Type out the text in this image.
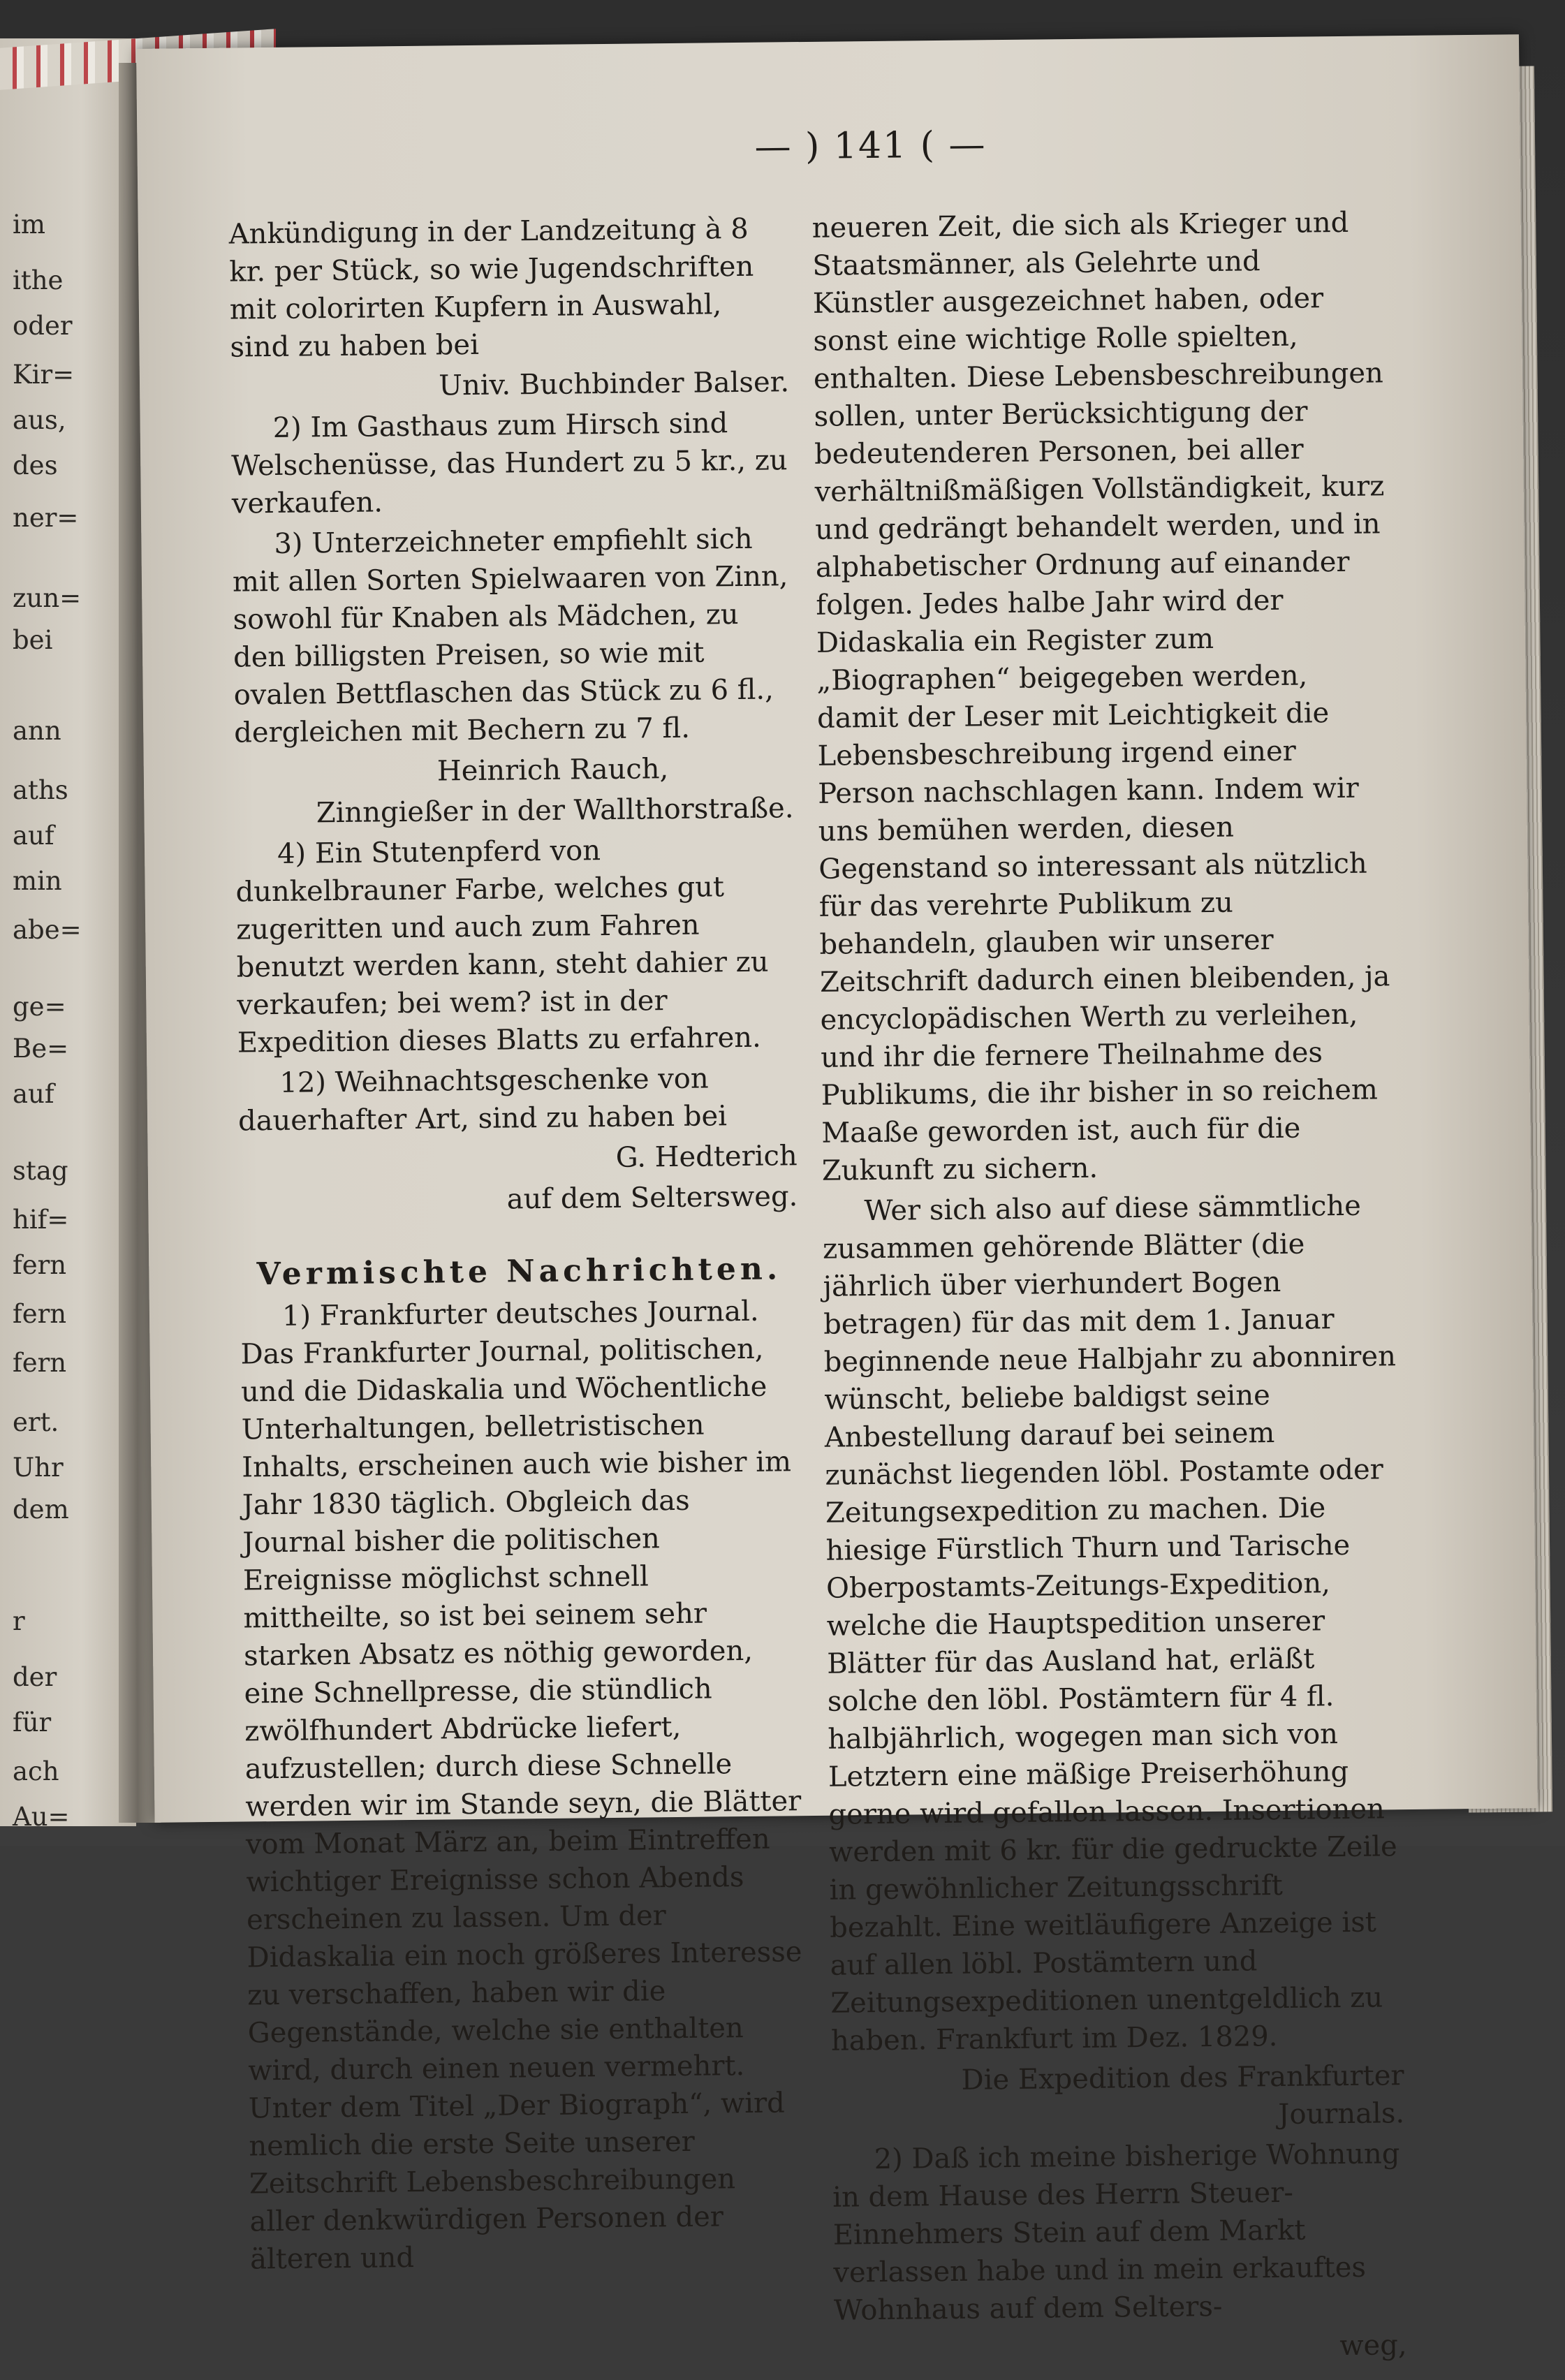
im
ithe
oder
Kir=
aus,
des
ner=
zun=
bei
ann
aths
auf
min
abe=
ge=
Be=
auf
stag
hif=
fern
fern
fern
ert.
Uhr
dem
r
der
für
ach
Au=
— ) 141 ( —

Ankündigung in der Landzeitung à 8 kr. per Stück, so wie Jugendschriften mit colorirten Kupfern in Auswahl, sind zu haben bei

Univ. Buchbinder Balser.

2) Im Gasthaus zum Hirsch sind Welschenüsse, das Hundert zu 5 kr., zu verkaufen.

3) Unterzeichneter empfiehlt sich mit allen Sorten Spielwaaren von Zinn, sowohl für Knaben als Mädchen, zu den billigsten Preisen, so wie mit ovalen Bettflaschen das Stück zu 6 fl., dergleichen mit Bechern zu 7 fl.

Heinrich Rauch,

Zinngießer in der Wallthorstraße.

4) Ein Stutenpferd von dunkelbrauner Farbe, welches gut zugeritten und auch zum Fahren benutzt werden kann, steht dahier zu verkaufen; bei wem? ist in der Expedition dieses Blatts zu erfahren.

12) Weihnachtsgeschenke von dauerhafter Art, sind zu haben bei

G. Hedterich

auf dem Seltersweg.

Vermischte Nachrichten.

1) Frankfurter deutsches Journal. Das Frankfurter Journal, politischen, und die Didaskalia und Wöchentliche Unterhaltungen, belletristischen Inhalts, erscheinen auch wie bisher im Jahr 1830 täglich. Obgleich das Journal bisher die politischen Ereignisse möglichst schnell mittheilte, so ist bei seinem sehr starken Absatz es nöthig geworden, eine Schnellpresse, die stündlich zwölfhundert Abdrücke liefert, aufzustellen; durch diese Schnelle werden wir im Stande seyn, die Blätter vom Monat März an, beim Eintreffen wichtiger Ereignisse schon Abends erscheinen zu lassen. Um der Didaskalia ein noch größeres Interesse zu verschaffen, haben wir die Gegenstände, welche sie enthalten wird, durch einen neuen vermehrt. Unter dem Titel „Der Biograph“, wird nemlich die erste Seite unserer Zeitschrift Lebensbeschreibungen aller denkwürdigen Personen der älteren und

neueren Zeit, die sich als Krieger und Staatsmänner, als Gelehrte und Künstler ausgezeichnet haben, oder sonst eine wichtige Rolle spielten, enthalten. Diese Lebensbeschreibungen sollen, unter Berücksichtigung der bedeutenderen Personen, bei aller verhältnißmäßigen Vollständigkeit, kurz und gedrängt behandelt werden, und in alphabetischer Ordnung auf einander folgen. Jedes halbe Jahr wird der Didaskalia ein Register zum „Biographen“ beigegeben werden, damit der Leser mit Leichtigkeit die Lebensbeschreibung irgend einer Person nachschlagen kann. Indem wir uns bemühen werden, diesen Gegenstand so interessant als nützlich für das verehrte Publikum zu behandeln, glauben wir unserer Zeitschrift dadurch einen bleibenden, ja encyclopädischen Werth zu verleihen, und ihr die fernere Theilnahme des Publikums, die ihr bisher in so reichem Maaße geworden ist, auch für die Zukunft zu sichern.

Wer sich also auf diese sämmtliche zusammen gehörende Blätter (die jährlich über vierhundert Bogen betragen) für das mit dem 1. Januar beginnende neue Halbjahr zu abonniren wünscht, beliebe baldigst seine Anbestellung darauf bei seinem zunächst liegenden löbl. Postamte oder Zeitungsexpedition zu machen. Die hiesige Fürstlich Thurn und Tarische Oberpostamts-Zeitungs-Expedition, welche die Hauptspedition unserer Blätter für das Ausland hat, erläßt solche den löbl. Postämtern für 4 fl. halbjährlich, wogegen man sich von Letztern eine mäßige Preiserhöhung gerne wird gefallen lassen. Insertionen werden mit 6 kr. für die gedruckte Zeile in gewöhnlicher Zeitungsschrift bezahlt. Eine weitläufigere Anzeige ist auf allen löbl. Postämtern und Zeitungsexpeditionen unentgeldlich zu haben. Frankfurt im Dez. 1829.

Die Expedition des Frankfurter Journals.

2) Daß ich meine bisherige Wohnung in dem Hause des Herrn Steuer-Einnehmers Stein auf dem Markt verlassen habe und in mein erkauftes Wohnhaus auf dem Selters-

weg,
